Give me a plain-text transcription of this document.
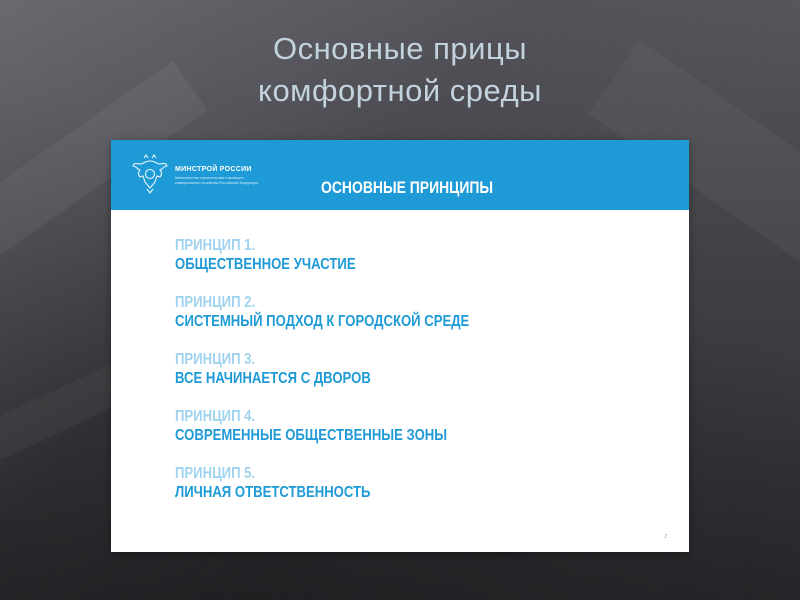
Основные прицы
комфортной среды
МИНСТРОЙ РОССИИ
Министерство строительства и жилищно-коммунального хозяйства Российской Федерации	ОСНОВНЫЕ ПРИНЦИПЫ
ПРИНЦИП 1.
ОБЩЕСТВЕННОЕ УЧАСТИЕ
ПРИНЦИП 2.
СИСТЕМНЫЙ ПОДХОД К ГОРОДСКОЙ СРЕДЕ
ПРИНЦИП 3.
ВСЕ НАЧИНАЕТСЯ С ДВОРОВ
ПРИНЦИП 4.
СОВРЕМЕННЫЕ ОБЩЕСТВЕННЫЕ ЗОНЫ
ПРИНЦИП 5.
ЛИЧНАЯ ОТВЕТСТВЕННОСТЬ
2
